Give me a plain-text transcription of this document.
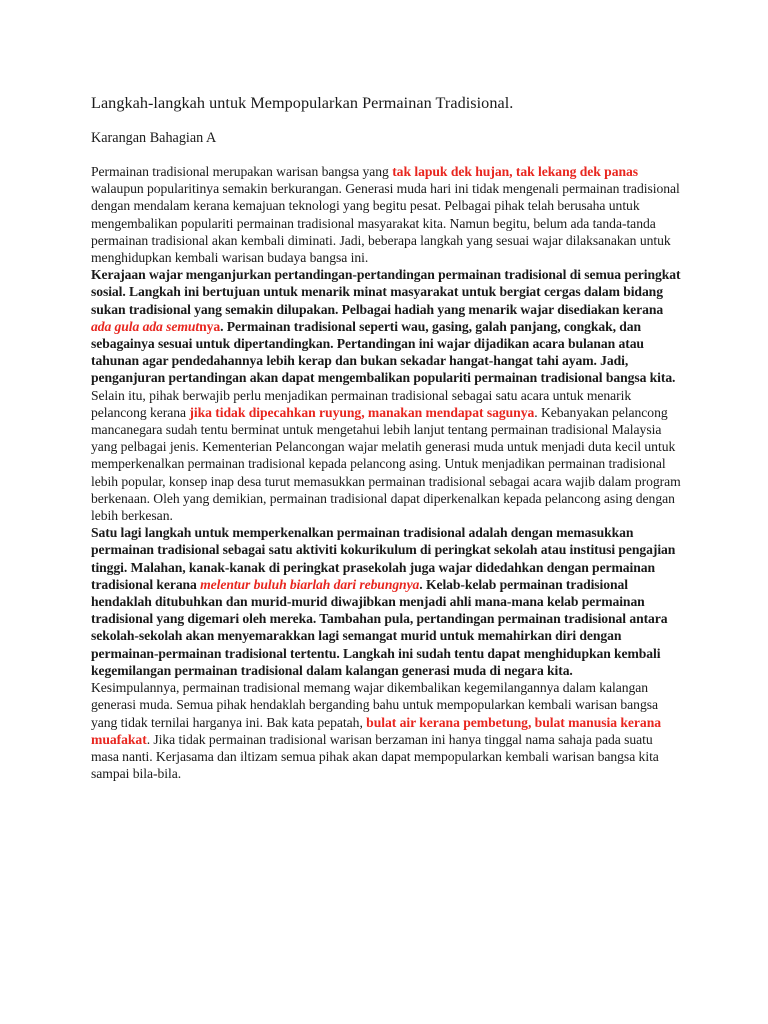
Langkah-langkah untuk Mempopularkan Permainan Tradisional.
Karangan Bahagian A

Permainan tradisional merupakan warisan bangsa yang tak lapuk dek hujan, tak lekang dek panas walaupun popularitinya semakin berkurangan. Generasi muda hari ini tidak mengenali permainan tradisional dengan mendalam kerana kemajuan teknologi yang begitu pesat. Pelbagai pihak telah berusaha untuk mengembalikan populariti permainan tradisional masyarakat kita. Namun begitu, belum ada tanda-tanda permainan tradisional akan kembali diminati. Jadi, beberapa langkah yang sesuai wajar dilaksanakan untuk menghidupkan kembali warisan budaya bangsa ini.

Kerajaan wajar menganjurkan pertandingan-pertandingan permainan tradisional di semua peringkat sosial. Langkah ini bertujuan untuk menarik minat masyarakat untuk bergiat cergas dalam bidang sukan tradisional yang semakin dilupakan. Pelbagai hadiah yang menarik wajar disediakan kerana ada gula ada semutnya. Permainan tradisional seperti wau, gasing, galah panjang, congkak, dan sebagainya sesuai untuk dipertandingkan. Pertandingan ini wajar dijadikan acara bulanan atau tahunan agar pendedahannya lebih kerap dan bukan sekadar hangat-hangat tahi ayam. Jadi, penganjuran pertandingan akan dapat mengembalikan populariti permainan tradisional bangsa kita.

Selain itu, pihak berwajib perlu menjadikan permainan tradisional sebagai satu acara untuk menarik pelancong kerana jika tidak dipecahkan ruyung, manakan mendapat sagunya. Kebanyakan pelancong mancanegara sudah tentu berminat untuk mengetahui lebih lanjut tentang permainan tradisional Malaysia yang pelbagai jenis. Kementerian Pelancongan wajar melatih generasi muda untuk menjadi duta kecil untuk memperkenalkan permainan tradisional kepada pelancong asing. Untuk menjadikan permainan tradisional lebih popular, konsep inap desa turut memasukkan permainan tradisional sebagai acara wajib dalam program berkenaan. Oleh yang demikian, permainan tradisional dapat diperkenalkan kepada pelancong asing dengan lebih berkesan.

Satu lagi langkah untuk memperkenalkan permainan tradisional adalah dengan memasukkan permainan tradisional sebagai satu aktiviti kokurikulum di peringkat sekolah atau institusi pengajian tinggi. Malahan, kanak-kanak di peringkat prasekolah juga wajar didedahkan dengan permainan tradisional kerana melentur buluh biarlah dari rebungnya. Kelab-kelab permainan tradisional hendaklah ditubuhkan dan murid-murid diwajibkan menjadi ahli mana-mana kelab permainan tradisional yang digemari oleh mereka. Tambahan pula, pertandingan permainan tradisional antara sekolah-sekolah akan menyemarakkan lagi semangat murid untuk memahirkan diri dengan permainan-permainan tradisional tertentu. Langkah ini sudah tentu dapat menghidupkan kembali kegemilangan permainan tradisional dalam kalangan generasi muda di negara kita.

Kesimpulannya, permainan tradisional memang wajar dikembalikan kegemilangannya dalam kalangan generasi muda. Semua pihak hendaklah berganding bahu untuk mempopularkan kembali warisan bangsa yang tidak ternilai harganya ini. Bak kata pepatah, bulat air kerana pembetung, bulat manusia kerana muafakat. Jika tidak permainan tradisional warisan berzaman ini hanya tinggal nama sahaja pada suatu masa nanti. Kerjasama dan iltizam semua pihak akan dapat mempopularkan kembali warisan bangsa kita sampai bila-bila.
